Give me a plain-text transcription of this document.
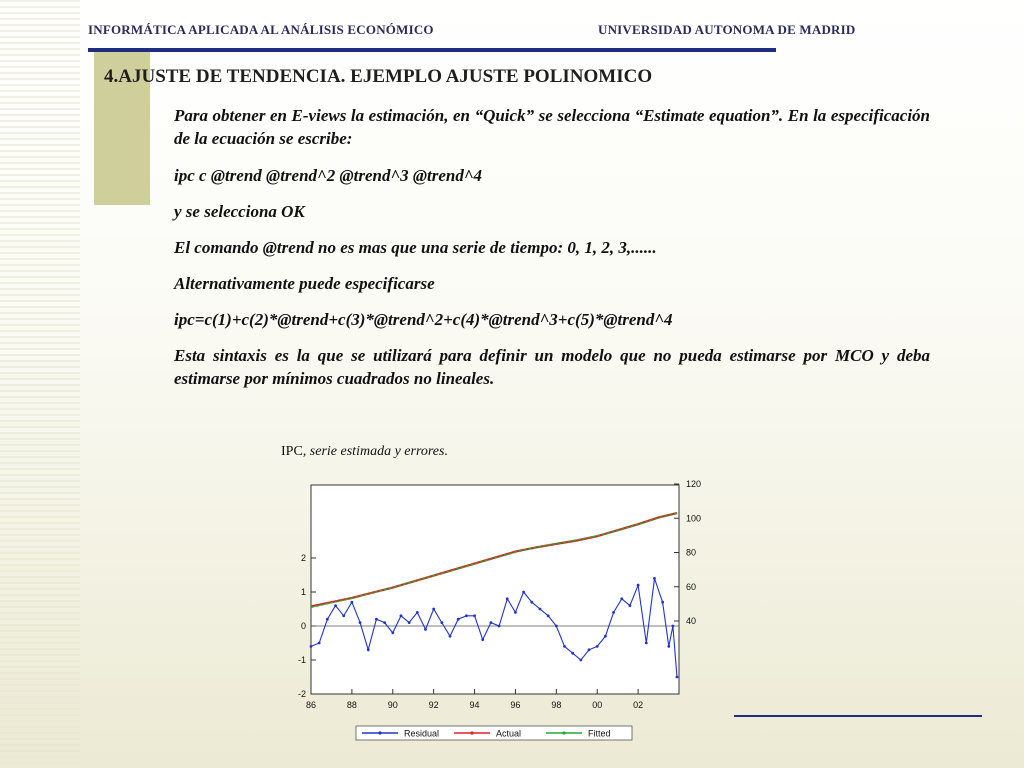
INFORMÁTICA APLICADA AL ANÁLISIS ECONÓMICO	UNIVERSIDAD AUTONOMA DE MADRID
4.AJUSTE DE TENDENCIA. EJEMPLO AJUSTE POLINOMICO
Para obtener en E-views la estimación, en “Quick” se selecciona “Estimate equation”. En la especificación de la ecuación se escribe:
ipc c @trend @trend^2 @trend^3 @trend^4
y se selecciona OK
El comando @trend no es mas que una serie de tiempo: 0, 1, 2, 3,......
Alternativamente puede especificarse
ipc=c(1)+c(2)*@trend+c(3)*@trend^2+c(4)*@trend^3+c(5)*@trend^4
Esta sintaxis es la que se utilizará para definir un modelo que no pueda estimarse por MCO y deba estimarse por mínimos cuadrados no lineales.
IPC, serie estimada y errores.
-2
-1
0
1
2
40
60
80
100
120
86	88	90	92	94	96	98	00	02
Residual	Actual	Fitted
